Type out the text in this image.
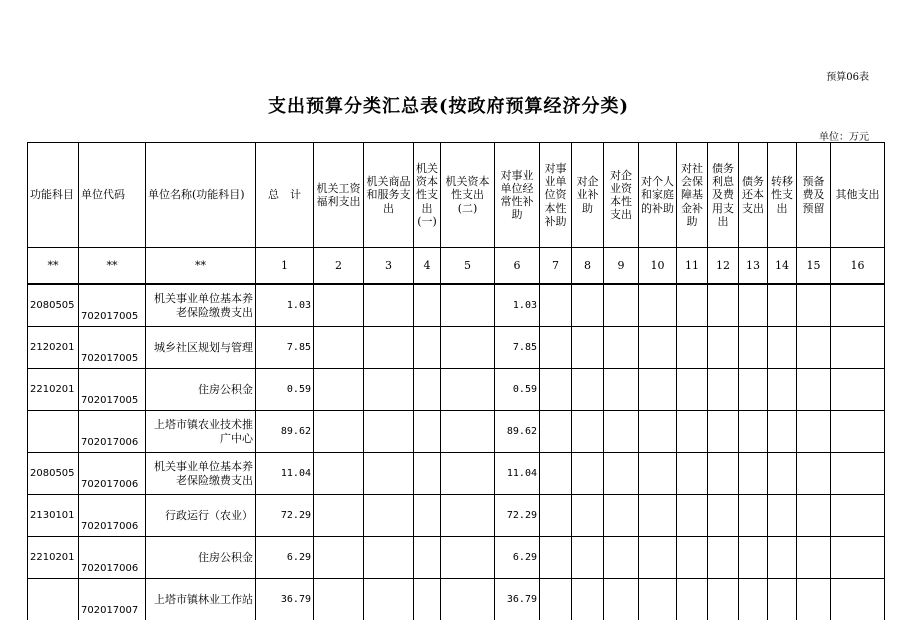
预算06表
支出预算分类汇总表(按政府预算经济分类)
单位：万元
功能科目	单位代码	单位名称(功能科目)	总　计	机关工资福利支出	机关商品和服务支出	机关资本性支出(一)	机关资本性支出(二)	对事业单位经常性补助	对事业单位资本性补助	对企业补助	对企业资本性支出	对个人和家庭的补助	对社会保障基金补助	债务利息及费用支出	债务还本支出	转移性支出	预备费及预留	其他支出
**	**	**	1	2	3	4	5	6	7	8	9	10	11	12	13	14	15	16

2080505	702017005	机关事业单位基本养老保险缴费支出	1.03					1.03										
2120201	702017005	城乡社区规划与管理	7.85					7.85										
2210201	702017005	住房公积金	0.59					0.59										
	702017006	上塔市镇农业技术推广中心	89.62					89.62										
2080505	702017006	机关事业单位基本养老保险缴费支出	11.04					11.04										
2130101	702017006	行政运行（农业）	72.29					72.29										
2210201	702017006	住房公积金	6.29					6.29										
	702017007	上塔市镇林业工作站	36.79					36.79										
